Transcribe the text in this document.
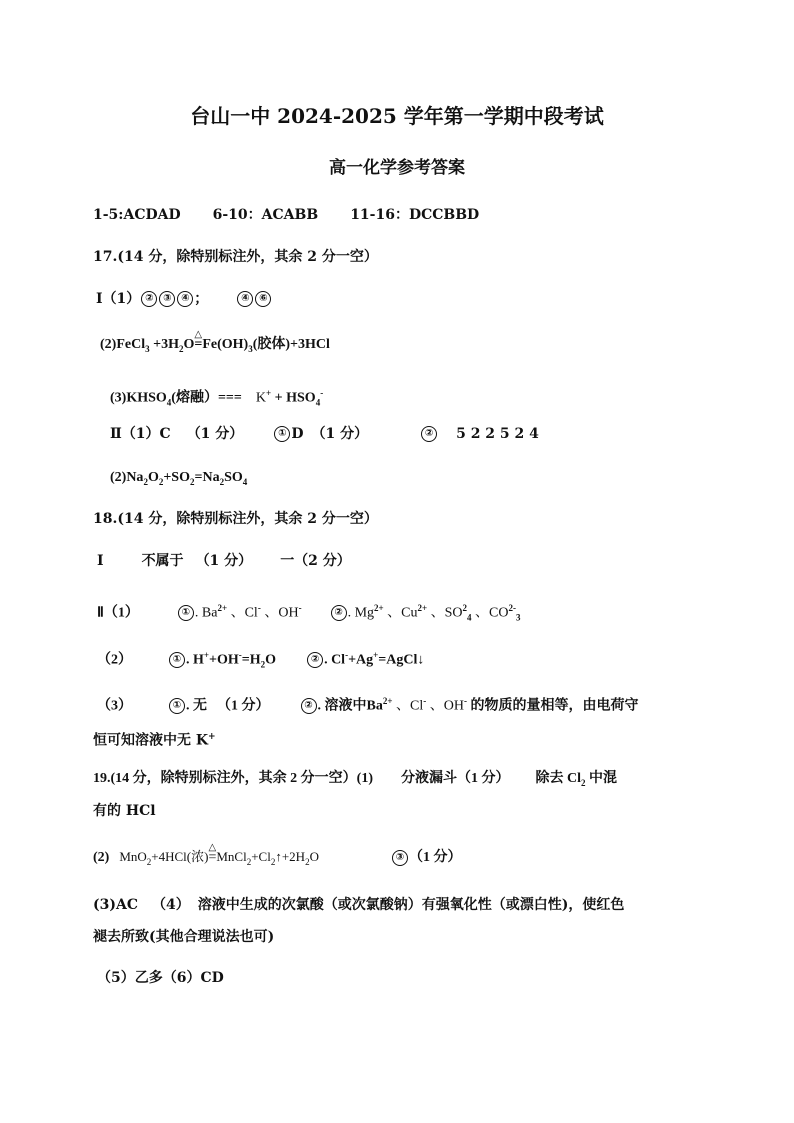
台山一中 2024-2025 学年第一学期中段考试
高一化学参考答案
1-5:ACDAD 6-10：ACABB 11-16：DCCBBD
17.(14 分，除特别标注外，其余 2 分一空）
Ⅰ（1） ② ③ ④ ；	④ ⑥
(2)FeCl$_3$ $+3H_2O$
△
$=Fe(OH)_3$(胶体)+3HCl
$(3)KHSO_4$(熔融）=== $K^+ + HSO_4^-$
Ⅱ（1）C （1 分）	① D （1 分）	② 5 2 2 5 2 4
$(2)Na_2O_2+SO_2=Na_2SO_4$
18.(14 分，除特别标注外，其余 2 分一空）
Ⅰ	不属于 （1 分） 一（2 分）
Ⅱ（1）	① . $Ba^{2+}$ 、Cl- 、OH-	② . $Mg^{2+}$ 、$Cu^{2+}$ 、$SO^2_4$ 、$CO^{2-}_3$
（2）	① . $H^++OH^-=H_2O$	② . Cl-+Ag+=AgCl↓
（3）	① . 无 （1 分）	② . 溶液中$Ba^{2+}$ 、Cl- 、OH- 的物质的量相等，由电荷守
恒可知溶液中无 K+
19.(14 分，除特别标注外，其余 2 分一空）(1) 分液漏斗（1 分） 除去 $Cl_2$ 中混
有的 HCl
(2) MnO$_2$+4HCl(浓)
△
$=MnCl_2+Cl_2↑+2H_2O$	③ （1 分）
(3)AC （4） 溶液中生成的次氯酸（或次氯酸钠）有强氧化性（或漂白性)，使红色
褪去所致(其他合理说法也可)
（5）乙多（6）CD
